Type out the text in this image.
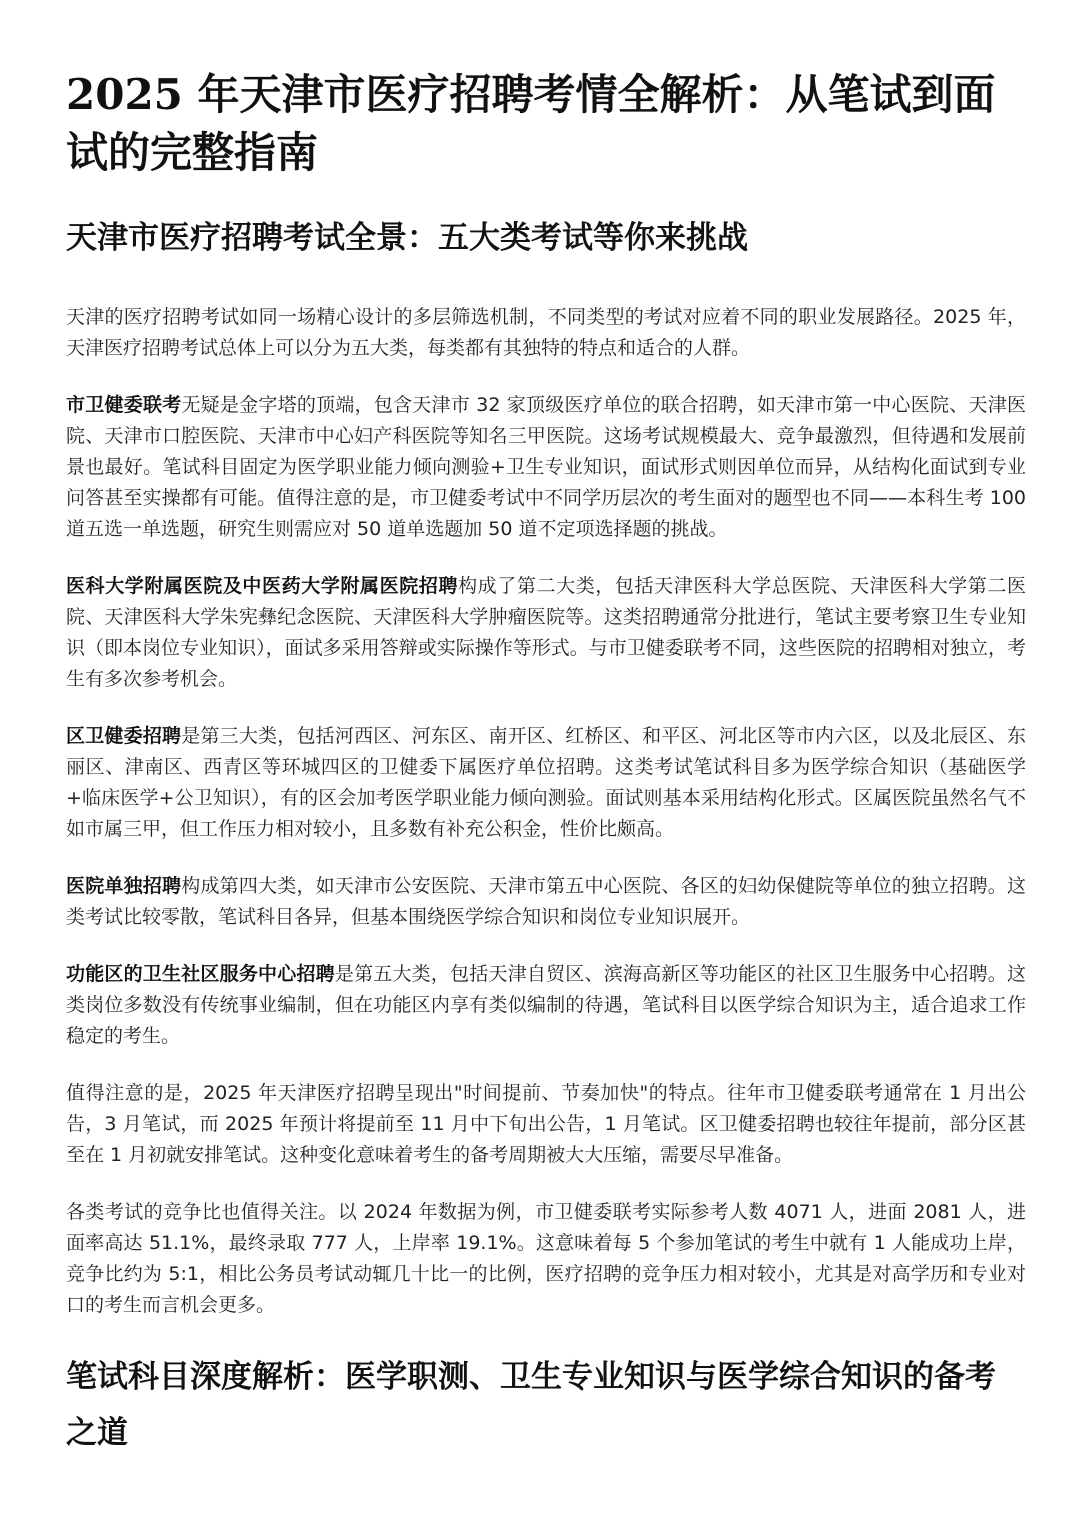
2025 年天津市医疗招聘考情全解析：从笔试到面试的完整指南
天津市医疗招聘考试全景：五大类考试等你来挑战

天津的医疗招聘考试如同一场精心设计的多层筛选机制，不同类型的考试对应着不同的职业发展路径。2025 年，天津医疗招聘考试总体上可以分为五大类，每类都有其独特的特点和适合的人群。

市卫健委联考无疑是金字塔的顶端，包含天津市 32 家顶级医疗单位的联合招聘，如天津市第一中心医院、天津医院、天津市口腔医院、天津市中心妇产科医院等知名三甲医院。这场考试规模最大、竞争最激烈，但待遇和发展前景也最好。笔试科目固定为医学职业能力倾向测验+卫生专业知识，面试形式则因单位而异，从结构化面试到专业问答甚至实操都有可能。值得注意的是，市卫健委考试中不同学历层次的考生面对的题型也不同——本科生考 100 道五选一单选题，研究生则需应对 50 道单选题加 50 道不定项选择题的挑战。

医科大学附属医院及中医药大学附属医院招聘构成了第二大类，包括天津医科大学总医院、天津医科大学第二医院、天津医科大学朱宪彝纪念医院、天津医科大学肿瘤医院等。这类招聘通常分批进行，笔试主要考察卫生专业知识（即本岗位专业知识），面试多采用答辩或实际操作等形式。与市卫健委联考不同，这些医院的招聘相对独立，考生有多次参考机会。

区卫健委招聘是第三大类，包括河西区、河东区、南开区、红桥区、和平区、河北区等市内六区，以及北辰区、东丽区、津南区、西青区等环城四区的卫健委下属医疗单位招聘。这类考试笔试科目多为医学综合知识（基础医学+临床医学+公卫知识），有的区会加考医学职业能力倾向测验。面试则基本采用结构化形式。区属医院虽然名气不如市属三甲，但工作压力相对较小，且多数有补充公积金，性价比颇高。

医院单独招聘构成第四大类，如天津市公安医院、天津市第五中心医院、各区的妇幼保健院等单位的独立招聘。这类考试比较零散，笔试科目各异，但基本围绕医学综合知识和岗位专业知识展开。

功能区的卫生社区服务中心招聘是第五大类，包括天津自贸区、滨海高新区等功能区的社区卫生服务中心招聘。这类岗位多数没有传统事业编制，但在功能区内享有类似编制的待遇，笔试科目以医学综合知识为主，适合追求工作稳定的考生。

值得注意的是，2025 年天津医疗招聘呈现出"时间提前、节奏加快"的特点。往年市卫健委联考通常在 1 月出公告，3 月笔试，而 2025 年预计将提前至 11 月中下旬出公告，1 月笔试。区卫健委招聘也较往年提前，部分区甚至在 1 月初就安排笔试。这种变化意味着考生的备考周期被大大压缩，需要尽早准备。

各类考试的竞争比也值得关注。以 2024 年数据为例，市卫健委联考实际参考人数 4071 人，进面 2081 人，进面率高达 51.1%，最终录取 777 人，上岸率 19.1%。这意味着每 5 个参加笔试的考生中就有 1 人能成功上岸，竞争比约为 5:1，相比公务员考试动辄几十比一的比例，医疗招聘的竞争压力相对较小，尤其是对高学历和专业对口的考生而言机会更多。

笔试科目深度解析：医学职测、卫生专业知识与医学综合知识的备考之道
